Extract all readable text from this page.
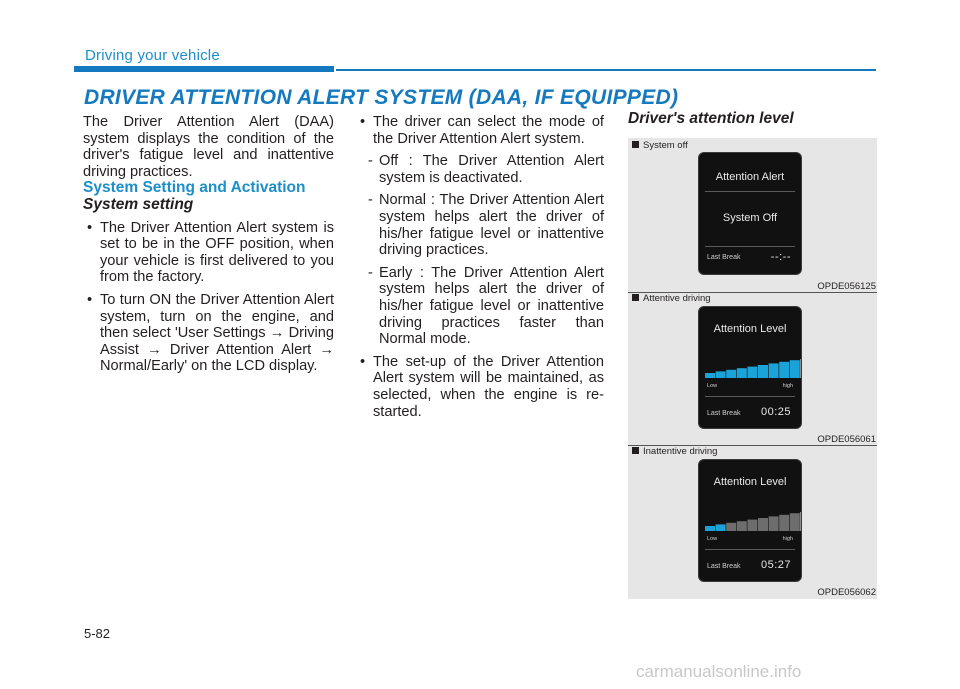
Driving your vehicle
DRIVER ATTENTION ALERT SYSTEM (DAA, IF EQUIPPED)

The Driver Attention Alert (DAA) system displays the condition of the driver's fatigue level and inattentive driving practices.

System Setting and Activation

System setting

• The Driver Attention Alert system is set to be in the OFF position, when your vehicle is first delivered to you from the factory.
• To turn ON the Driver Attention Alert system, turn on the engine, and then select 'User Settings → Driving Assist → Driver Attention Alert → Normal/Early' on the LCD display.
• The driver can select the mode of the Driver Attention Alert system.
- Off : The Driver Attention Alert system is deactivated.
- Normal : The Driver Attention Alert system helps alert the driver of his/her fatigue level or inattentive driving practices.
- Early : The Driver Attention Alert system helps alert the driver of his/her fatigue level or inattentive driving practices faster than Normal mode.
• The set-up of the Driver Attention Alert system will be maintained, as selected, when the engine is re-started.
Driver's attention level
System off
Attention Alert
System Off
Last Break	--:--
OPDE056125
Attentive driving
Attention Level
Low	high
Last Break 00:25
OPDE056061
Inattentive driving
Attention Level
Low	high
Last Break 05:27
OPDE056062
5-82
carmanualsonline.info
